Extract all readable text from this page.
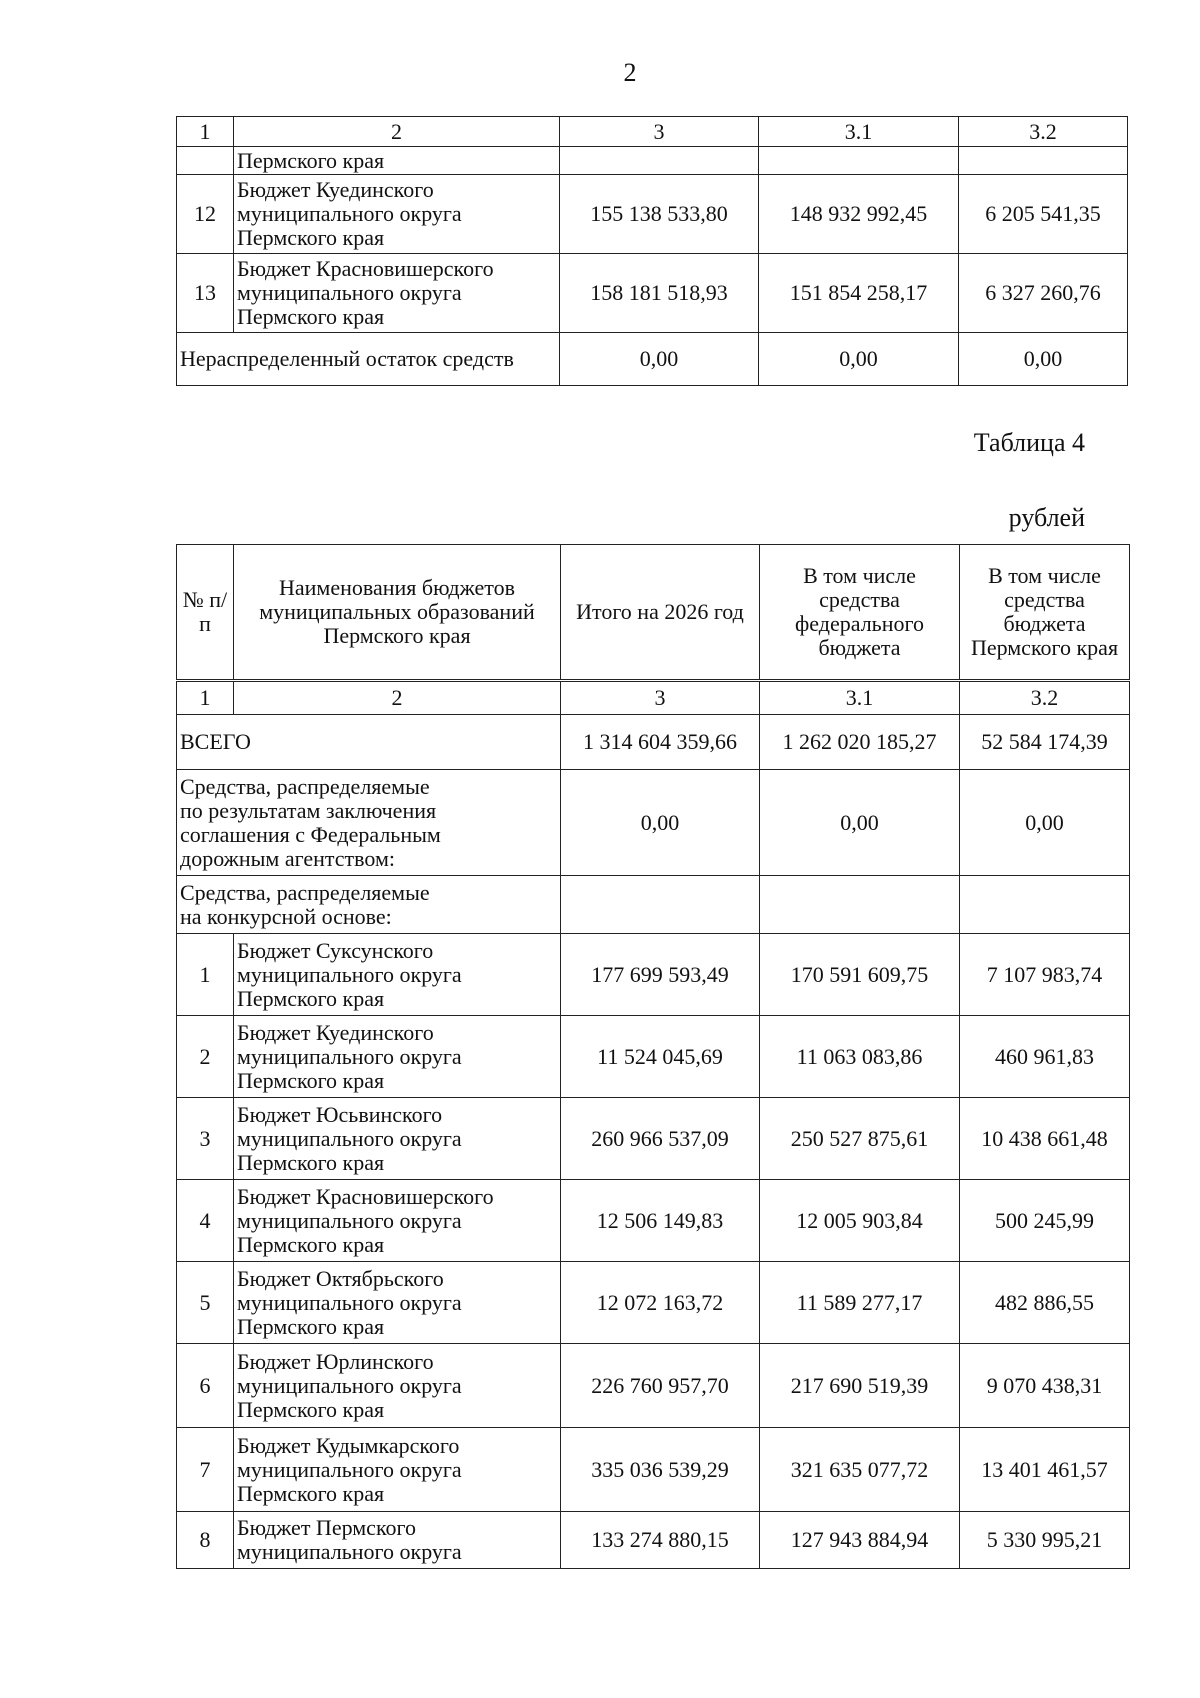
2
1	2	3	3.1	3.2
	Пермского края			
12	Бюджет Куединского муниципального округа Пермского края	155 138 533,80	148 932 992,45	6 205 541,35
13	Бюджет Красновишерского муниципального округа Пермского края	158 181 518,93	151 854 258,17	6 327 260,76
Нераспределенный остаток средств		0,00	0,00	0,00
Таблица 4
рублей
№ п/п	Наименования бюджетов муниципальных образований Пермского края	Итого на 2026 год	В том числе средства федерального бюджета	В том числе средства бюджета Пермского края
1	2	3	3.1	3.2
ВСЕГО		1 314 604 359,66	1 262 020 185,27	52 584 174,39
Средства, распределяемые по результатам заключения соглашения с Федеральным дорожным агентством:		0,00	0,00	0,00
Средства, распределяемые на конкурсной основе:				
1	Бюджет Суксунского муниципального округа Пермского края	177 699 593,49	170 591 609,75	7 107 983,74
2	Бюджет Куединского муниципального округа Пермского края	11 524 045,69	11 063 083,86	460 961,83
3	Бюджет Юсьвинского муниципального округа Пермского края	260 966 537,09	250 527 875,61	10 438 661,48
4	Бюджет Красновишерского муниципального округа Пермского края	12 506 149,83	12 005 903,84	500 245,99
5	Бюджет Октябрьского муниципального округа Пермского края	12 072 163,72	11 589 277,17	482 886,55
6	Бюджет Юрлинского муниципального округа Пермского края	226 760 957,70	217 690 519,39	9 070 438,31
7	Бюджет Кудымкарского муниципального округа Пермского края	335 036 539,29	321 635 077,72	13 401 461,57
8	Бюджет Пермского муниципального округа	133 274 880,15	127 943 884,94	5 330 995,21
